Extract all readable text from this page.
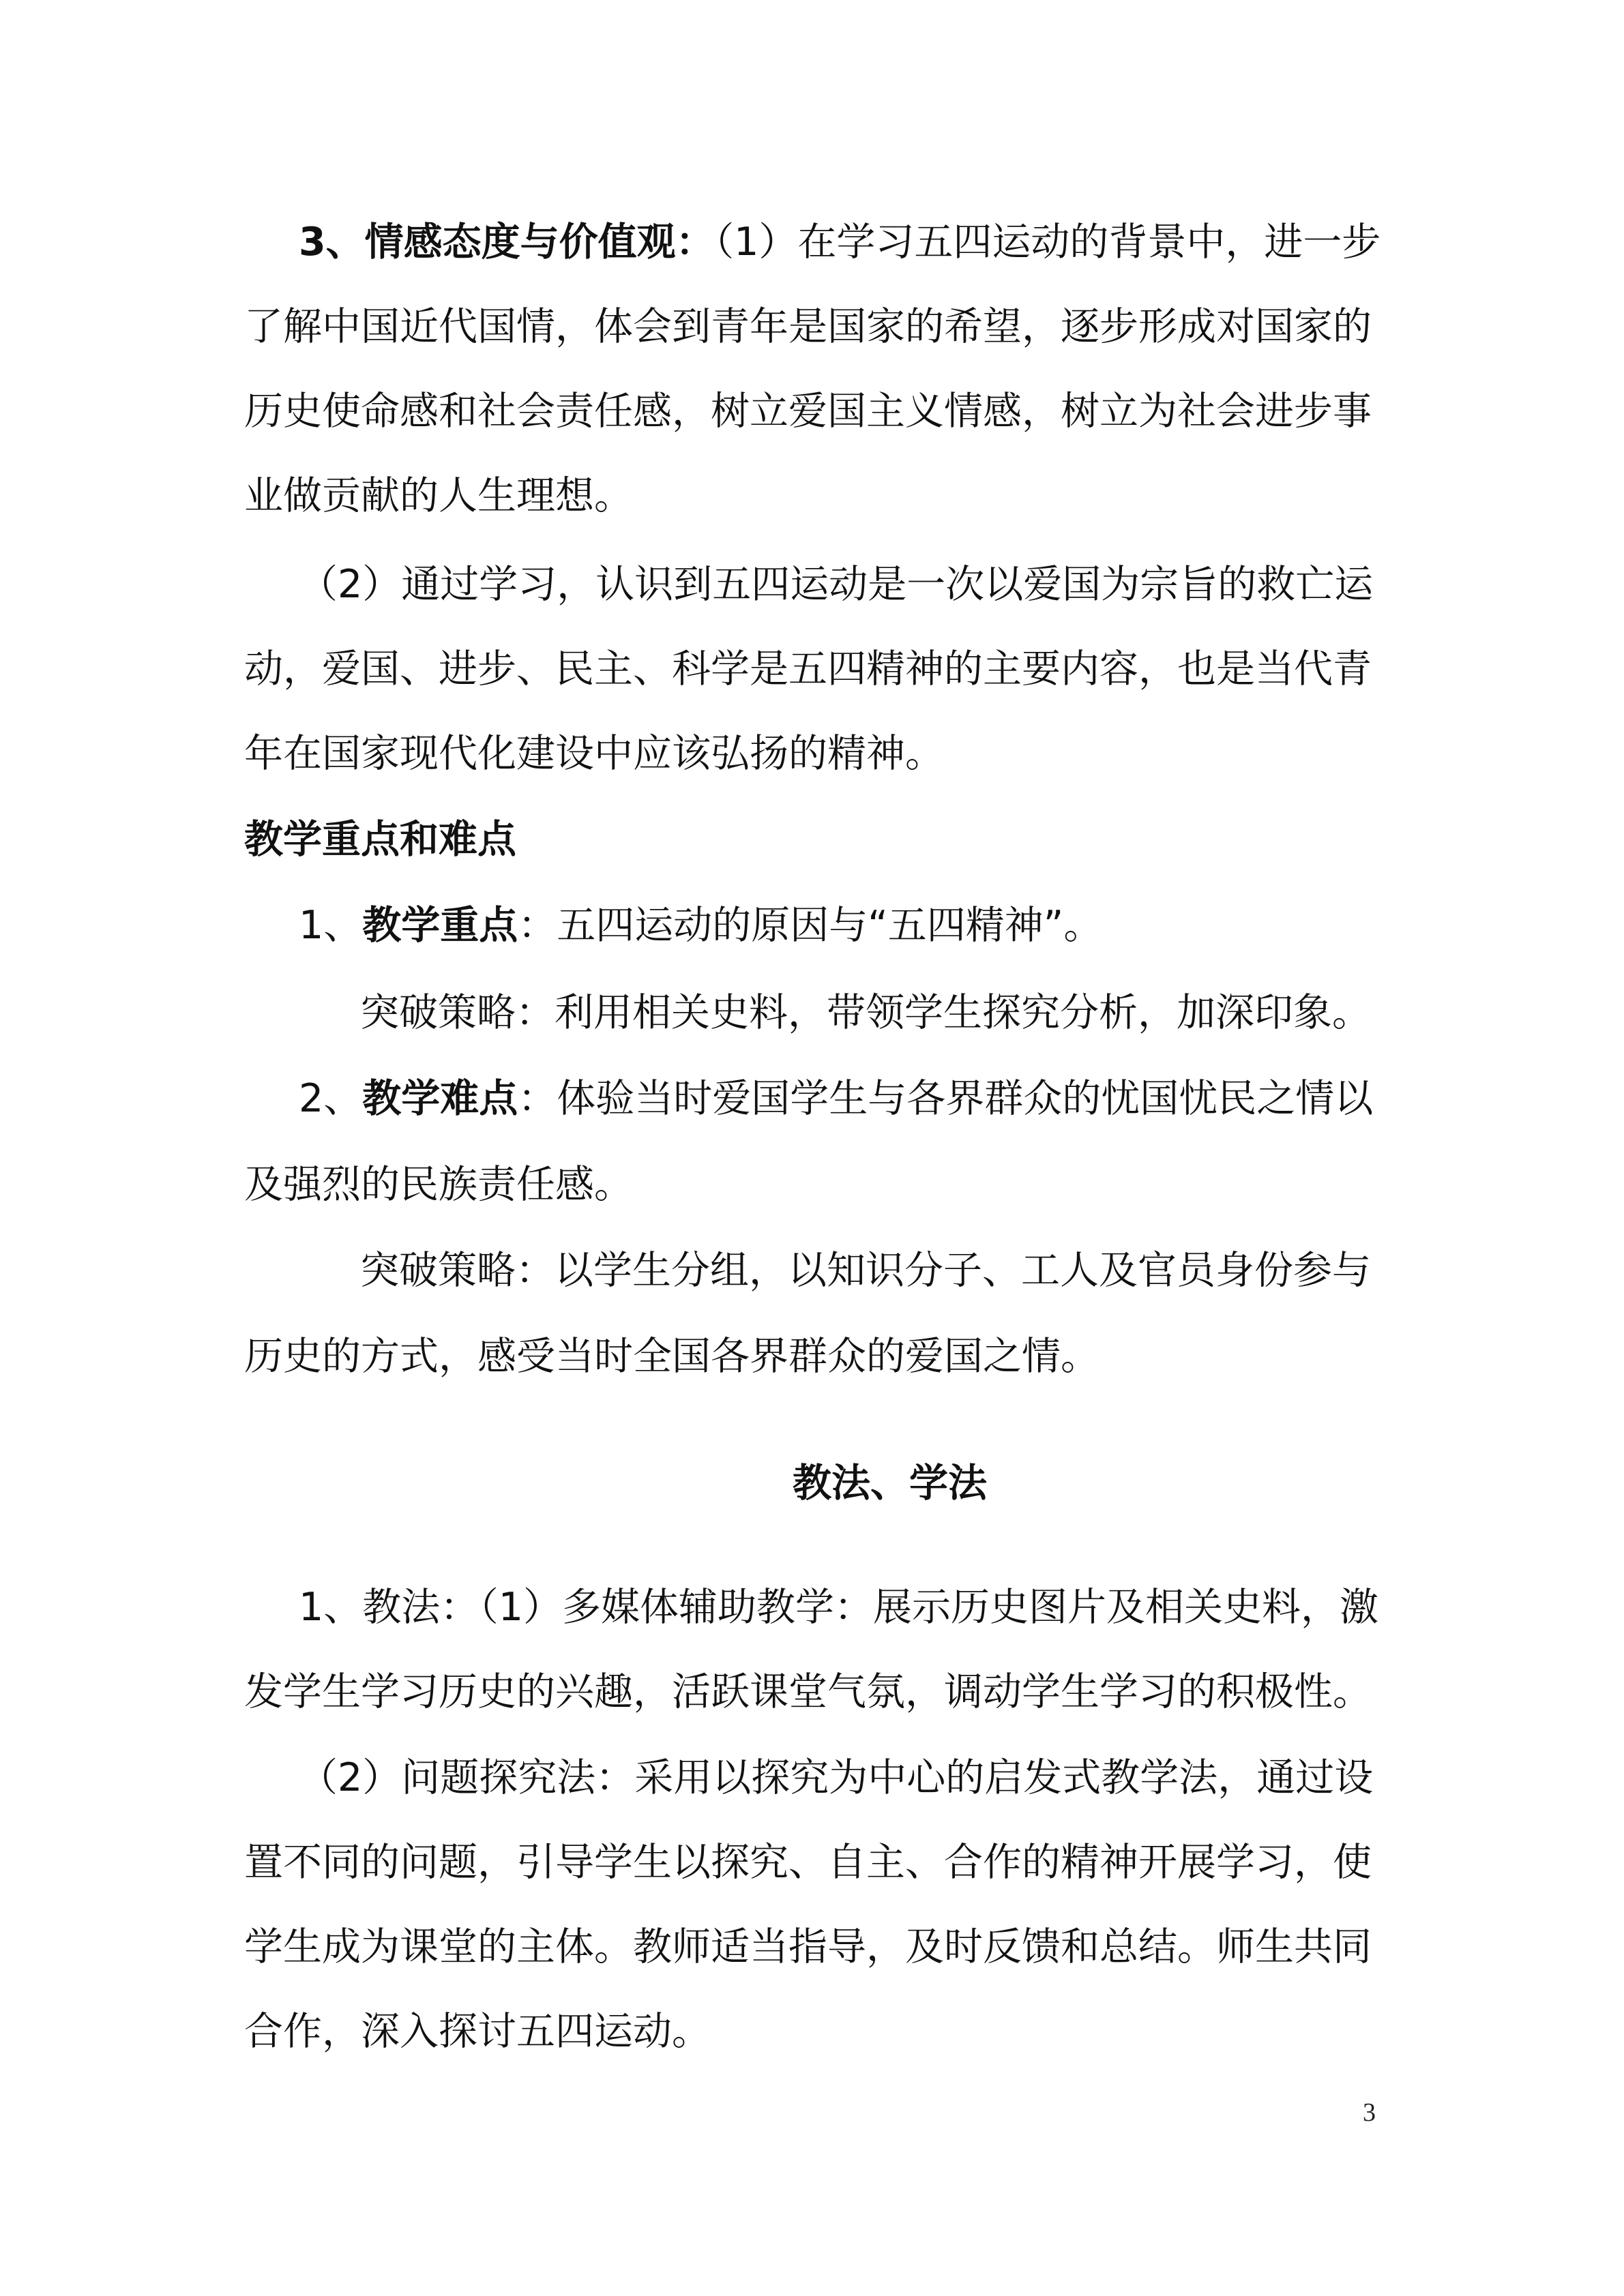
3、情感态度与价值观：（1）在学习五四运动的背景中，进一步
了解中国近代国情，体会到青年是国家的希望，逐步形成对国家的
历史使命感和社会责任感，树立爱国主义情感，树立为社会进步事
业做贡献的人生理想。
（2）通过学习，认识到五四运动是一次以爱国为宗旨的救亡运
动，爱国、进步、民主、科学是五四精神的主要内容，也是当代青
年在国家现代化建设中应该弘扬的精神。
教学重点和难点
1、教学重点：五四运动的原因与“五四精神”。
突破策略：利用相关史料，带领学生探究分析，加深印象。
2、教学难点：体验当时爱国学生与各界群众的忧国忧民之情以
及强烈的民族责任感。
突破策略：以学生分组，以知识分子、工人及官员身份参与
历史的方式，感受当时全国各界群众的爱国之情。
教法、学法
1、教法：（1）多媒体辅助教学：展示历史图片及相关史料，激
发学生学习历史的兴趣，活跃课堂气氛，调动学生学习的积极性。
（2）问题探究法：采用以探究为中心的启发式教学法，通过设
置不同的问题，引导学生以探究、自主、合作的精神开展学习，使
学生成为课堂的主体。教师适当指导，及时反馈和总结。师生共同
合作，深入探讨五四运动。
3
